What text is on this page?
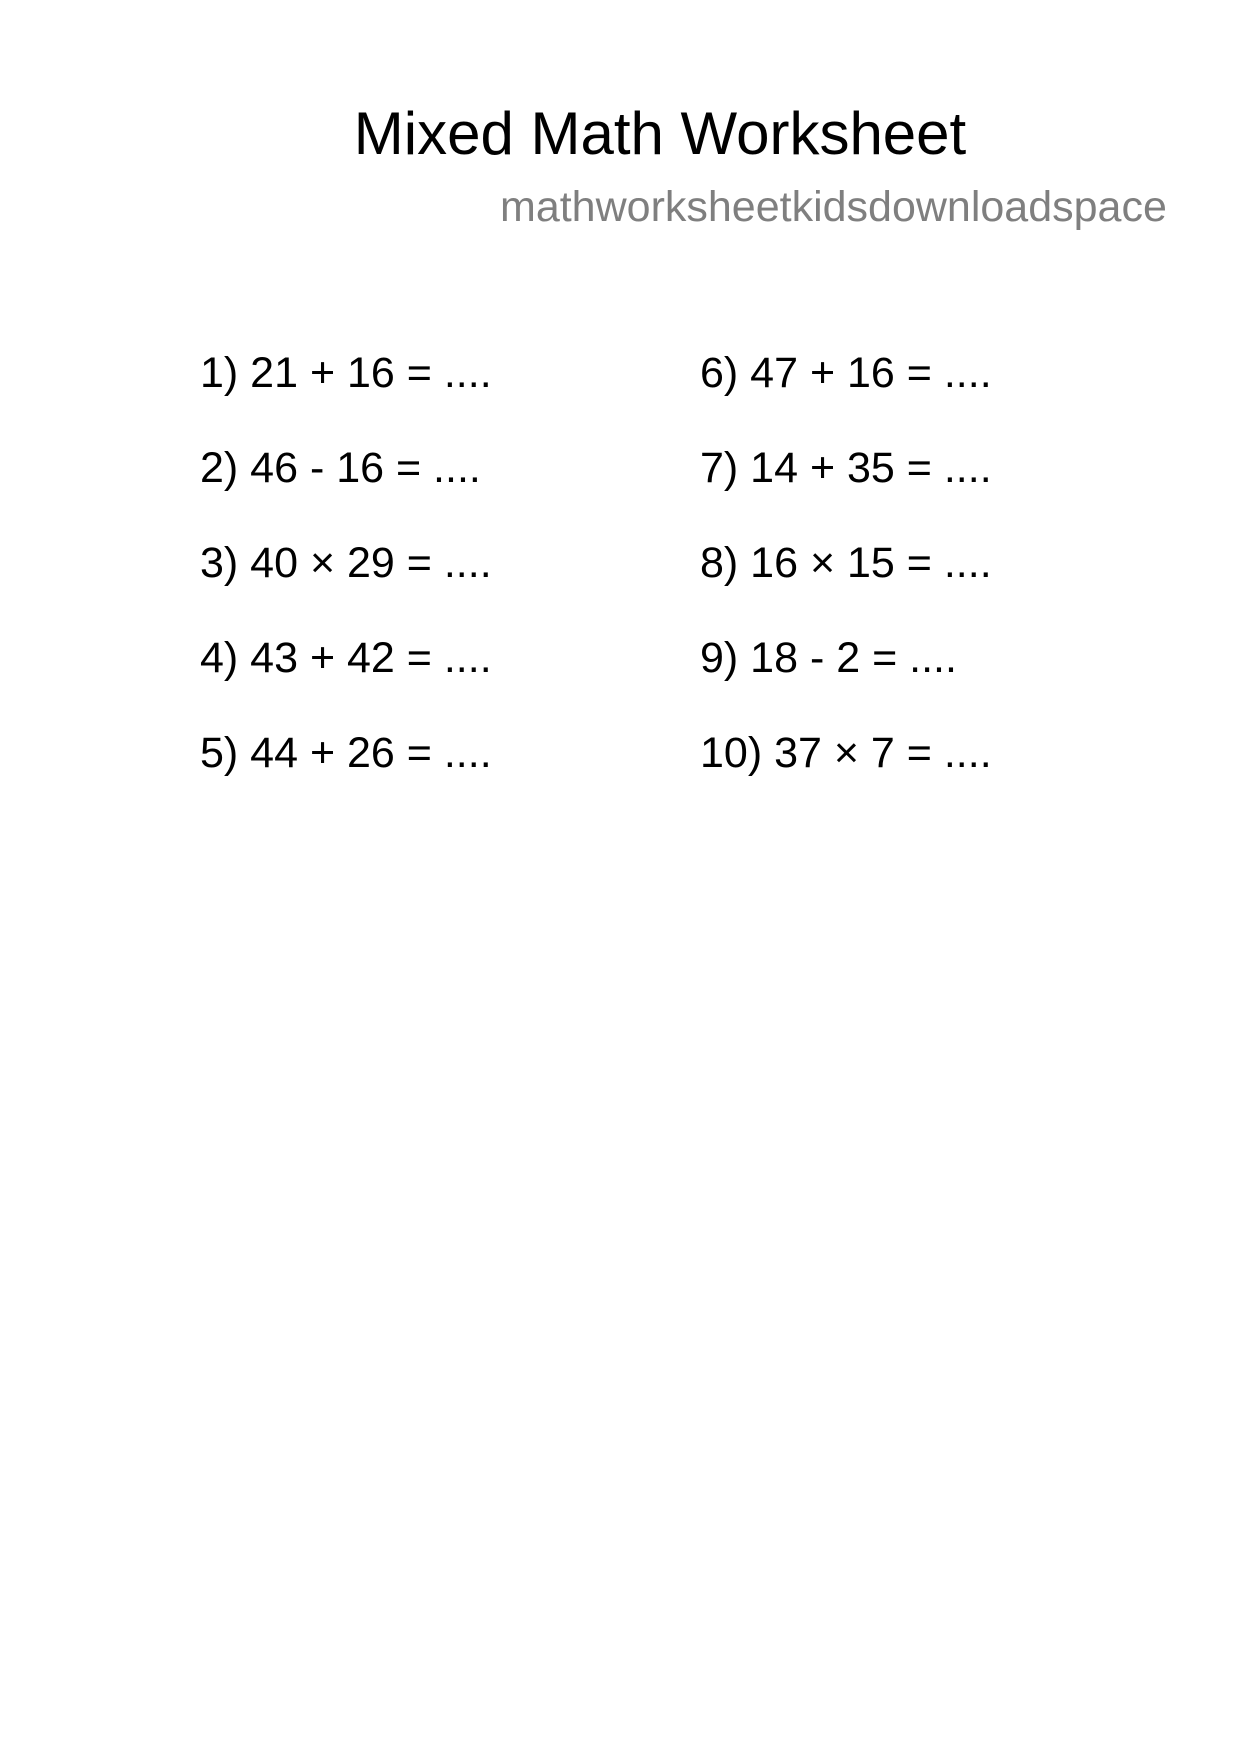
Mixed Math Worksheet
mathworksheetkidsdownloadspace
1) 21 + 16 = ....
2) 46 - 16 = ....
3) 40 × 29 = ....
4) 43 + 42 = ....
5) 44 + 26 = ....
6) 47 + 16 = ....
7) 14 + 35 = ....
8) 16 × 15 = ....
9) 18 - 2 = ....
10) 37 × 7 = ....
